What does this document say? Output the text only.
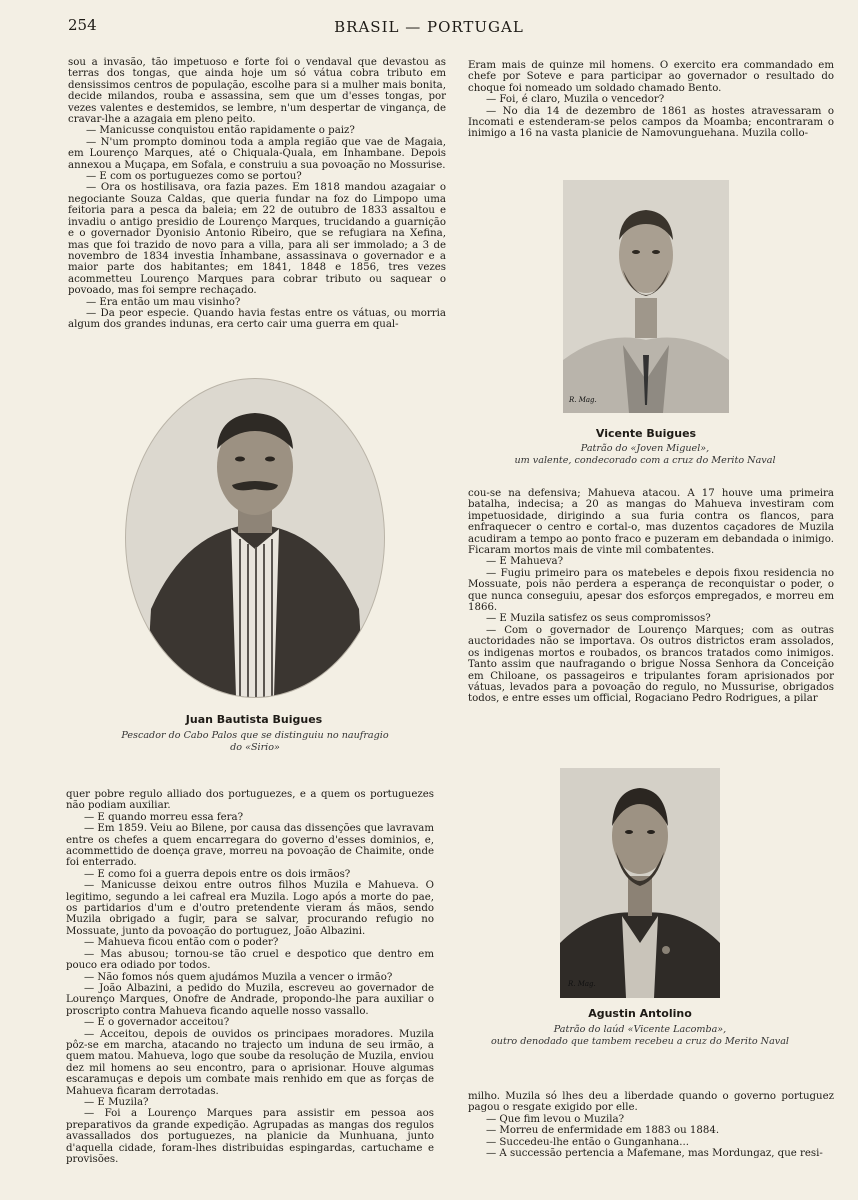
254	BRASIL — PORTUGAL

sou a invasão, tão impetuoso e forte foi o vendaval que devastou as terras dos tongas, que ainda hoje um só vátua cobra tributo em densissimos centros de população, escolhe para si a mulher mais bonita, decide milandos, rouba e assassina, sem que um d'esses tongas, por vezes valentes e destemidos, se lembre, n'um despertar de vingança, de cravar-lhe a azagaia em pleno peito.

— Manicusse conquistou então rapidamente o paiz?

— N'um prompto dominou toda a ampla região que vae de Magaia, em Lourenço Marques, até o Chiquala-Quala, em Inhambane. Depois annexou a Muçapa, em Sofala, e construiu a sua povoação no Mossurise.

— E com os portuguezes como se portou?

— Ora os hostilisava, ora fazia pazes. Em 1818 mandou azagaiar o negociante Souza Caldas, que queria fundar na foz do Limpopo uma feitoria para a pesca da baleia; em 22 de outubro de 1833 assaltou e invadiu o antigo presidio de Lourenço Marques, trucidando a guarnição e o governador Dyonisio Antonio Ribeiro, que se refugiara na Xefina, mas que foi trazido de novo para a villa, para ali ser immolado; a 3 de novembro de 1834 investia Inhambane, assassinava o governador e a maior parte dos habitantes; em 1841, 1848 e 1856, tres vezes acommetteu Lourenço Marques para cobrar tributo ou saquear o povoado, mas foi sempre rechaçado.

— Era então um mau visinho?

— Da peor especie. Quando havia festas entre os vátuas, ou morria algum dos grandes indunas, era certo cair uma guerra em qual-

Eram mais de quinze mil homens. O exercito era commandado em chefe por Soteve e para participar ao governador o resultado do choque foi nomeado um soldado chamado Bento.

— Foi, é claro, Muzila o vencedor?

— No dia 14 de dezembro de 1861 as hostes atravessaram o Incomati e estenderam-se pelos campos da Moamba; encontraram o inimigo a 16 na vasta planicie de Namovunguehana. Muzila collo-

R. Mag.
Vicente Buigues
Patrão do «Joven Miguel»,
um valente, condecorado com a cruz do Merito Naval
Juan Bautista Buigues
Pescador do Cabo Palos que se distinguiu no naufragio
do «Sirio»

cou-se na defensiva; Mahueva atacou. A 17 houve uma primeira batalha, indecisa; a 20 as mangas do Mahueva investiram com impetuosidade, dirigindo a sua furia contra os flancos, para enfraquecer o centro e cortal-o, mas duzentos caçadores de Muzila acudiram a tempo ao ponto fraco e puzeram em debandada o inimigo. Ficaram mortos mais de vinte mil combatentes.

— E Mahueva?

— Fugiu primeiro para os matebeles e depois fixou residencia no Mossuate, pois não perdera a esperança de reconquistar o poder, o que nunca conseguiu, apesar dos esforços empregados, e morreu em 1866.

— E Muzila satisfez os seus compromissos?

— Com o governador de Lourenço Marques; com as outras auctoridades não se importava. Os outros districtos eram assolados, os indigenas mortos e roubados, os brancos tratados como inimigos. Tanto assim que naufragando o brigue Nossa Senhora da Conceição em Chiloane, os passageiros e tripulantes foram aprisionados por vátuas, levados para a povoação do regulo, no Mussurise, obrigados todos, e entre esses um official, Rogaciano Pedro Rodrigues, a pilar

R. Mag.
Agustin Antolino
Patrão do laúd «Vicente Lacomba»,
outro denodado que tambem recebeu a cruz do Merito Naval

quer pobre regulo alliado dos portuguezes, e a quem os portuguezes não podiam auxiliar.

— E quando morreu essa fera?

— Em 1859. Veiu ao Bilene, por causa das dissenções que lavravam entre os chefes a quem encarregara do governo d'esses dominios, e, acommettido de doença grave, morreu na povoação de Chaimite, onde foi enterrado.

— E como foi a guerra depois entre os dois irmãos?

— Manicusse deixou entre outros filhos Muzila e Mahueva. O legitimo, segundo a lei cafreal era Muzila. Logo após a morte do pae, os partidarios d'um e d'outro pretendente vieram ás mãos, sendo Muzila obrigado a fugir, para se salvar, procurando refugio no Mossuate, junto da povoação do portuguez, João Albazini.

— Mahueva ficou então com o poder?

— Mas abusou; tornou-se tão cruel e despotico que dentro em pouco era odiado por todos.

— Não fomos nós quem ajudámos Muzila a vencer o irmão?

— João Albazini, a pedido do Muzila, escreveu ao governador de Lourenço Marques, Onofre de Andrade, propondo-lhe para auxiliar o proscripto contra Mahueva ficando aquelle nosso vassallo.

— E o governador acceitou?

— Acceitou, depois de ouvidos os principaes moradores. Muzila pôz-se em marcha, atacando no trajecto um induna de seu irmão, a quem matou. Mahueva, logo que soube da resolução de Muzila, enviou dez mil homens ao seu encontro, para o aprisionar. Houve algumas escaramuças e depois um combate mais renhido em que as forças de Mahueva ficaram derrotadas.

— E Muzila?

— Foi a Lourenço Marques para assistir em pessoa aos preparativos da grande expedição. Agrupadas as mangas dos regulos avassallados dos portuguezes, na planicie da Munhuana, junto d'aquella cidade, foram-lhes distribuidas espingardas, cartuchame e provisões.

milho. Muzila só lhes deu a liberdade quando o governo portuguez pagou o resgate exigido por elle.

— Que fim levou o Muzila?

— Morreu de enfermidade em 1883 ou 1884.

— Succedeu-lhe então o Gunganhana...

— A successão pertencia a Mafemane, mas Mordungaz, que resi-
